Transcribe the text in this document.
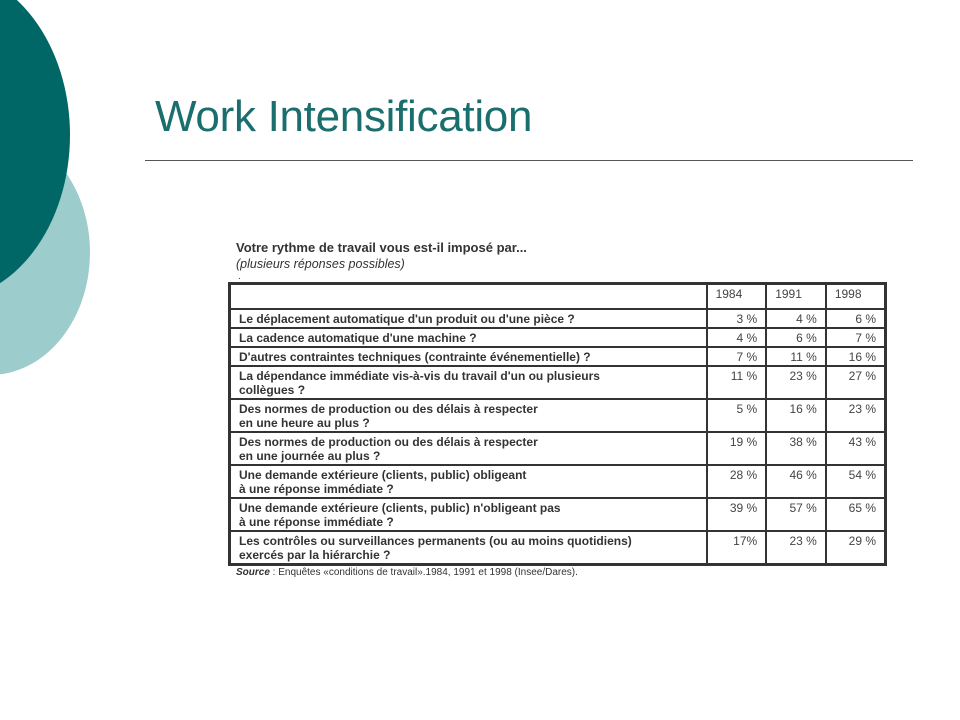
Work Intensification

Votre rythme de travail vous est-il imposé par...

(plusieurs réponses possibles)

.
	1984	1991	1998
Le déplacement automatique d'un produit ou d'une pièce ?	3 %	4 %	6 %
La cadence automatique d'une machine ?	4 %	6 %	7 %
D'autres contraintes techniques (contrainte événementielle) ?	7 %	11 %	16 %
La dépendance immédiate vis-à-vis du travail d'un ou plusieurs
collègues ?	11 %	23 %	27 %
Des normes de production ou des délais à respecter
en une heure au plus ?	5 %	16 %	23 %
Des normes de production ou des délais à respecter
en une journée au plus ?	19 %	38 %	43 %
Une demande extérieure (clients, public) obligeant
à une réponse immédiate ?	28 %	46 %	54 %
Une demande extérieure (clients, public) n'obligeant pas
à une réponse immédiate ?	39 %	57 %	65 %
Les contrôles ou surveillances permanents (ou au moins quotidiens)
exercés par la hiérarchie ?	17%	23 %	29 %

Source : Enquêtes «conditions de travail».1984, 1991 et 1998 (Insee/Dares).
